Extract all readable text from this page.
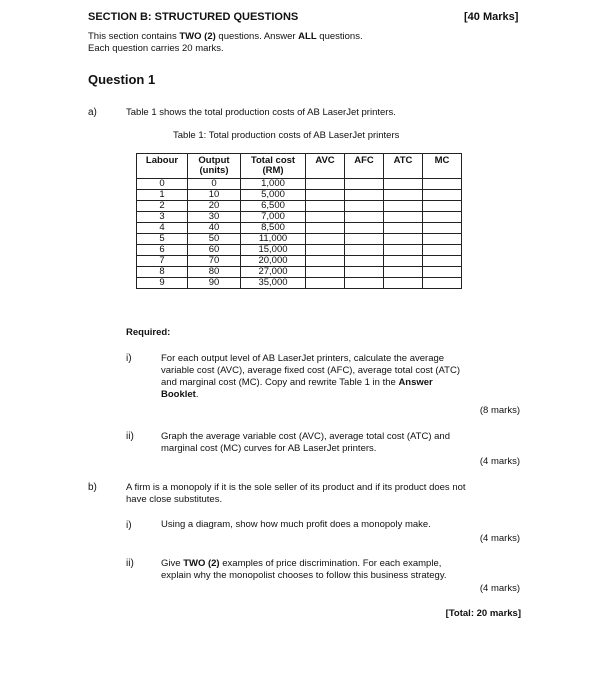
SECTION B: STRUCTURED QUESTIONS	[40 Marks]
This section contains TWO (2) questions. Answer ALL questions.
Each question carries 20 marks.
Question 1
a)	Table 1 shows the total production costs of AB LaserJet printers.
Table 1: Total production costs of AB LaserJet printers
Labour	Output (units)	Total cost (RM)	AVC	AFC	ATC	MC
0	0	1,000				
1	10	5,000				
2	20	6,500				
3	30	7,000				
4	40	8,500				
5	50	11,000				
6	60	15,000				
7	70	20,000				
8	80	27,000				
9	90	35,000				
Required:
i)	For each output level of AB LaserJet printers, calculate the average
variable cost (AVC), average fixed cost (AFC), average total cost (ATC)
and marginal cost (MC). Copy and rewrite Table 1 in the Answer
Booklet.
(8 marks)
ii)	Graph the average variable cost (AVC), average total cost (ATC) and
marginal cost (MC) curves for AB LaserJet printers.
(4 marks)
b)	A firm is a monopoly if it is the sole seller of its product and if its product does not
have close substitutes.
i)	Using a diagram, show how much profit does a monopoly make.
(4 marks)
ii)	Give TWO (2) examples of price discrimination. For each example,
explain why the monopolist chooses to follow this business strategy.
(4 marks)
[Total: 20 marks]
